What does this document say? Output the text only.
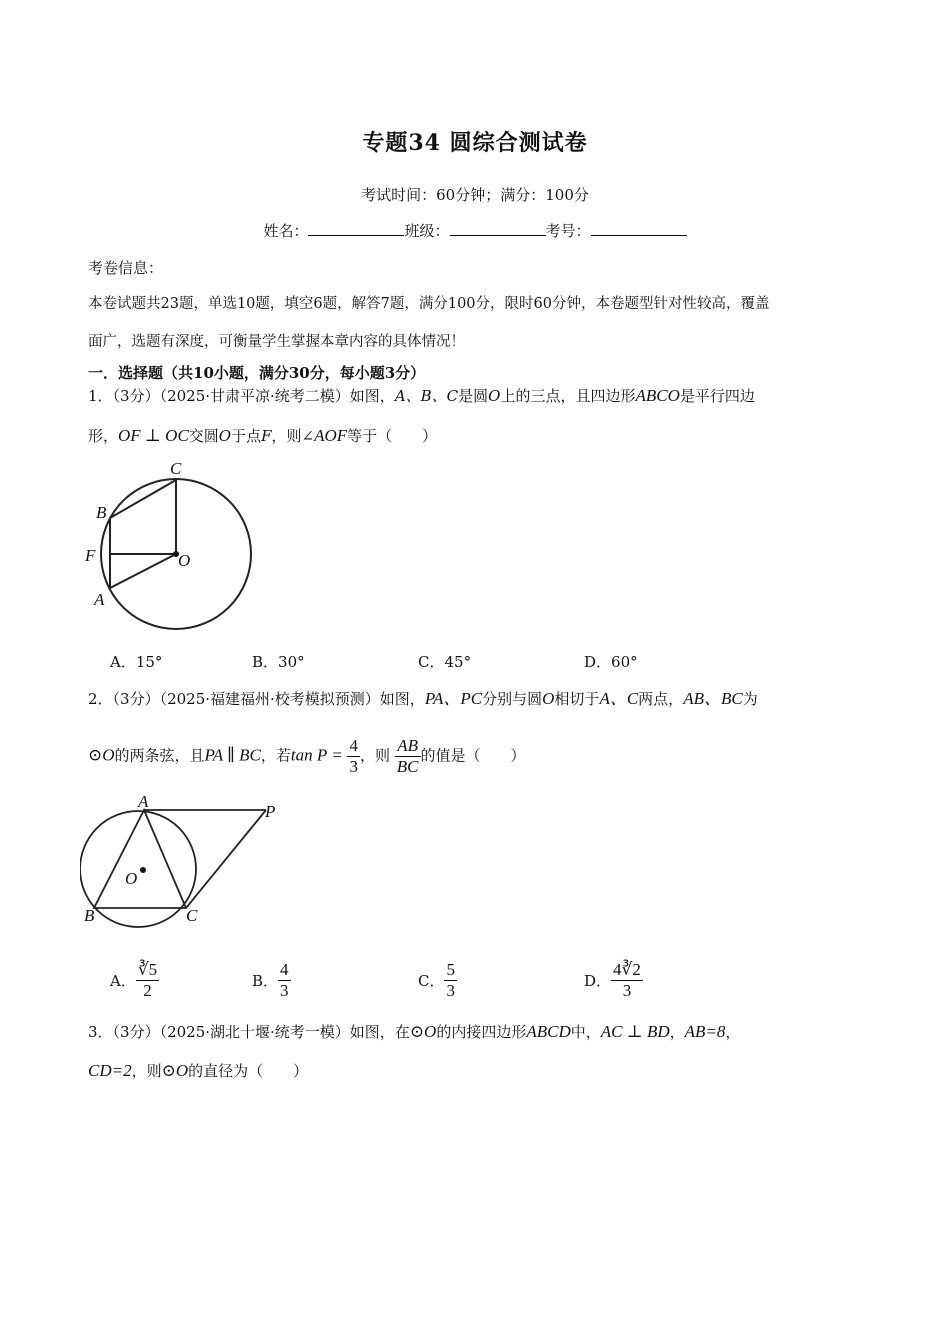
专题34 圆综合测试卷
考试时间：60分钟；满分：100分
姓名：	班级：	考号：
考卷信息：
本卷试题共23题，单选10题，填空6题，解答7题，满分100分，限时60分钟，本卷题型针对性较高，覆盖
面广，选题有深度，可衡量学生掌握本章内容的具体情况！
一．选择题（共10小题，满分30分，每小题3分）
1．（3分）（2025·甘肃平凉·统考二模）如图，A、B、C是圆O上的三点，且四边形ABCO是平行四边
形，OF ⊥ OC交圆O于点F，则∠AOF等于（　　）
C
B
F	O
A
A．15°	B．30°	C．45°	D．60°
2．（3分）（2025·福建福州·校考模拟预测）如图，PA、PC分别与圆O相切于A、C两点，AB、BC为
⊙O的两条弦，且PA ∥ BC，若$\tan P = \frac{4}{3}$ ，则 $\frac{AB}{BC}$ 的值是（　　）
A
P
O
B	C
A． $\frac{∛5}{2}$	B． $\frac{4}{3}$	C． $\frac{5}{3}$	D． $\frac{4∛2}{3}$
3．（3分）（2025·湖北十堰·统考一模）如图，在⊙O的内接四边形ABCD中，AC ⊥ BD，AB=8，
CD=2，则⊙O的直径为（　　）
